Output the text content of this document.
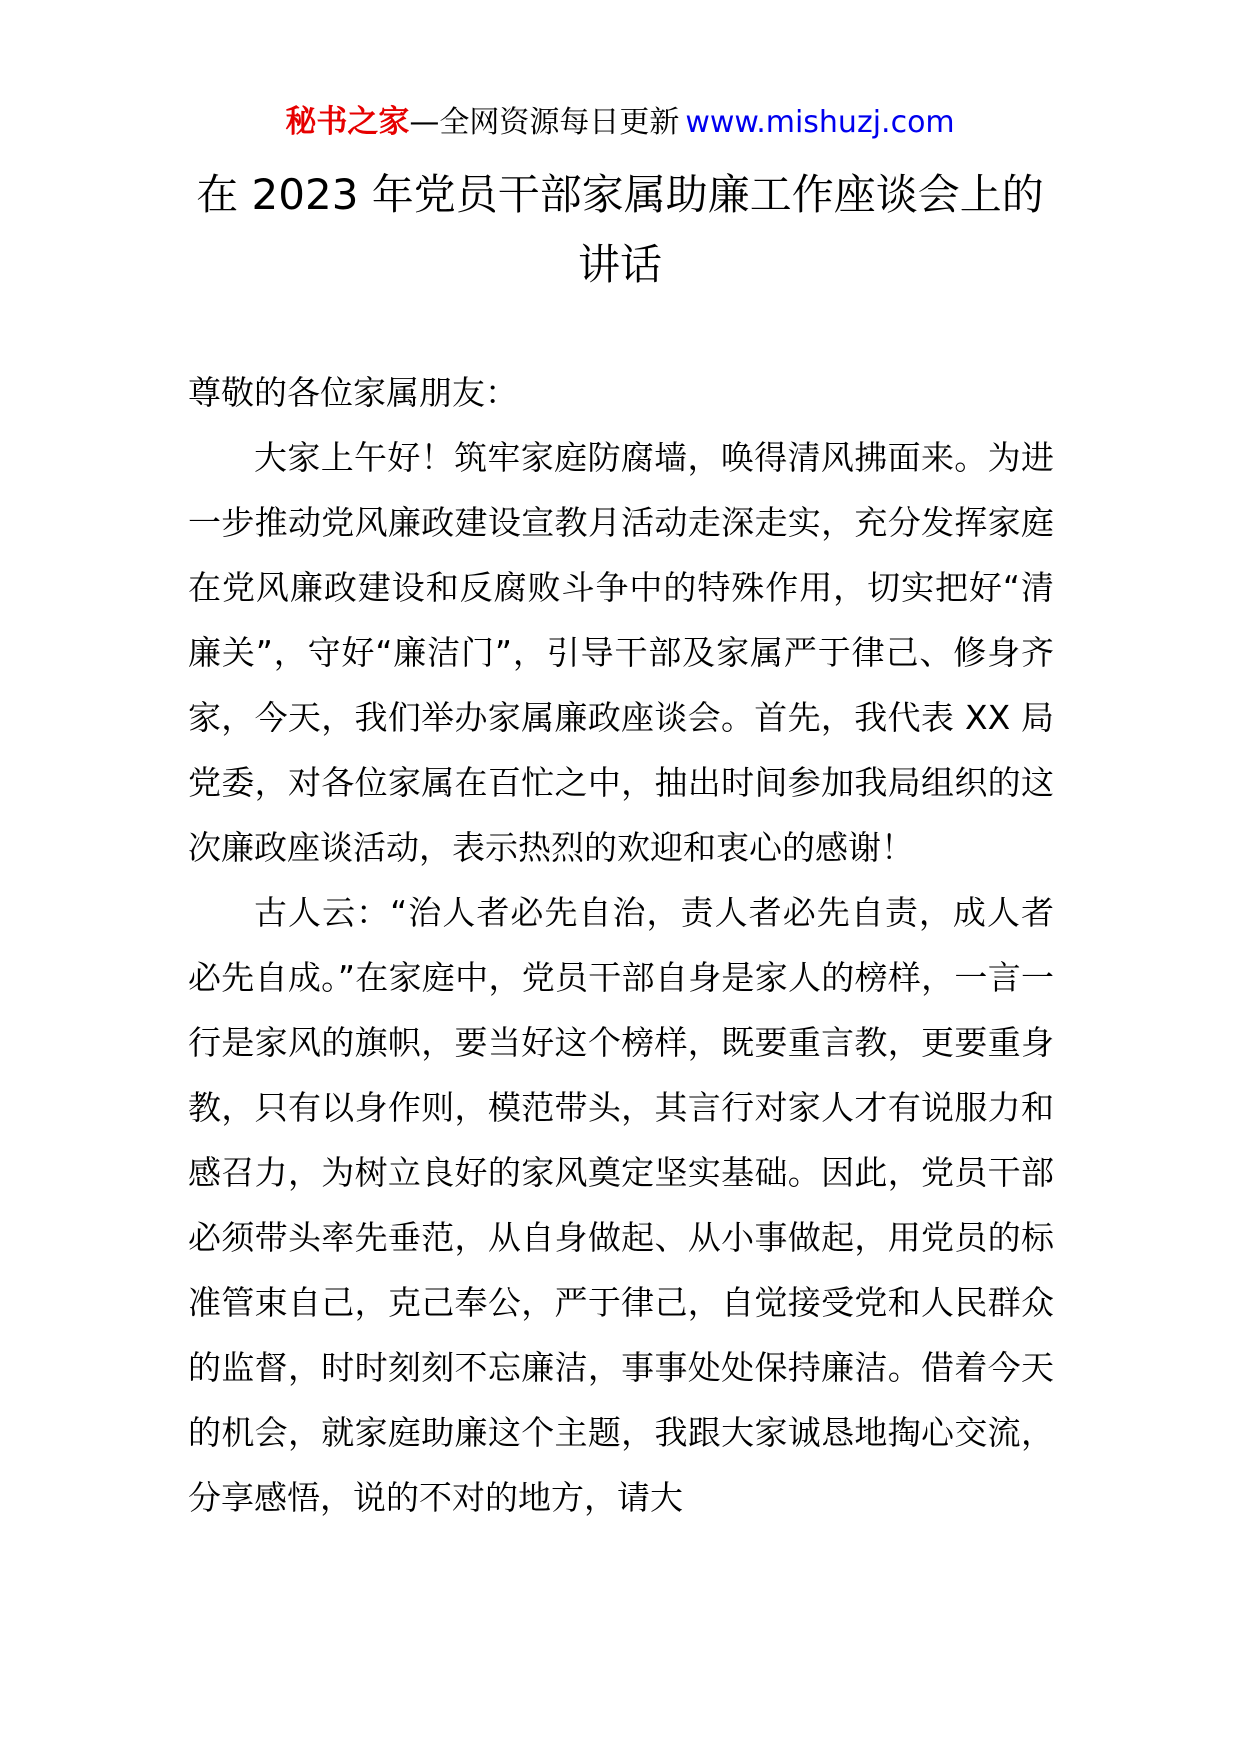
秘书之家—全网资源每日更新 www.mishuzj.com
在 2023 年党员干部家属助廉工作座谈会上的讲话

尊敬的各位家属朋友：

大家上午好！筑牢家庭防腐墙，唤得清风拂面来。为进一步推动党风廉政建设宣教月活动走深走实，充分发挥家庭在党风廉政建设和反腐败斗争中的特殊作用，切实把好“清廉关”，守好“廉洁门”，引导干部及家属严于律己、修身齐家，今天，我们举办家属廉政座谈会。首先，我代表 XX 局党委，对各位家属在百忙之中，抽出时间参加我局组织的这次廉政座谈活动，表示热烈的欢迎和衷心的感谢！

古人云：“治人者必先自治，责人者必先自责，成人者必先自成。”在家庭中，党员干部自身是家人的榜样，一言一行是家风的旗帜，要当好这个榜样，既要重言教，更要重身教，只有以身作则，模范带头，其言行对家人才有说服力和感召力，为树立良好的家风奠定坚实基础。因此，党员干部必须带头率先垂范，从自身做起、从小事做起，用党员的标准管束自己，克己奉公，严于律己，自觉接受党和人民群众的监督，时时刻刻不忘廉洁，事事处处保持廉洁。借着今天的机会，就家庭助廉这个主题，我跟大家诚恳地掏心交流，分享感悟，说的不对的地方，请大
